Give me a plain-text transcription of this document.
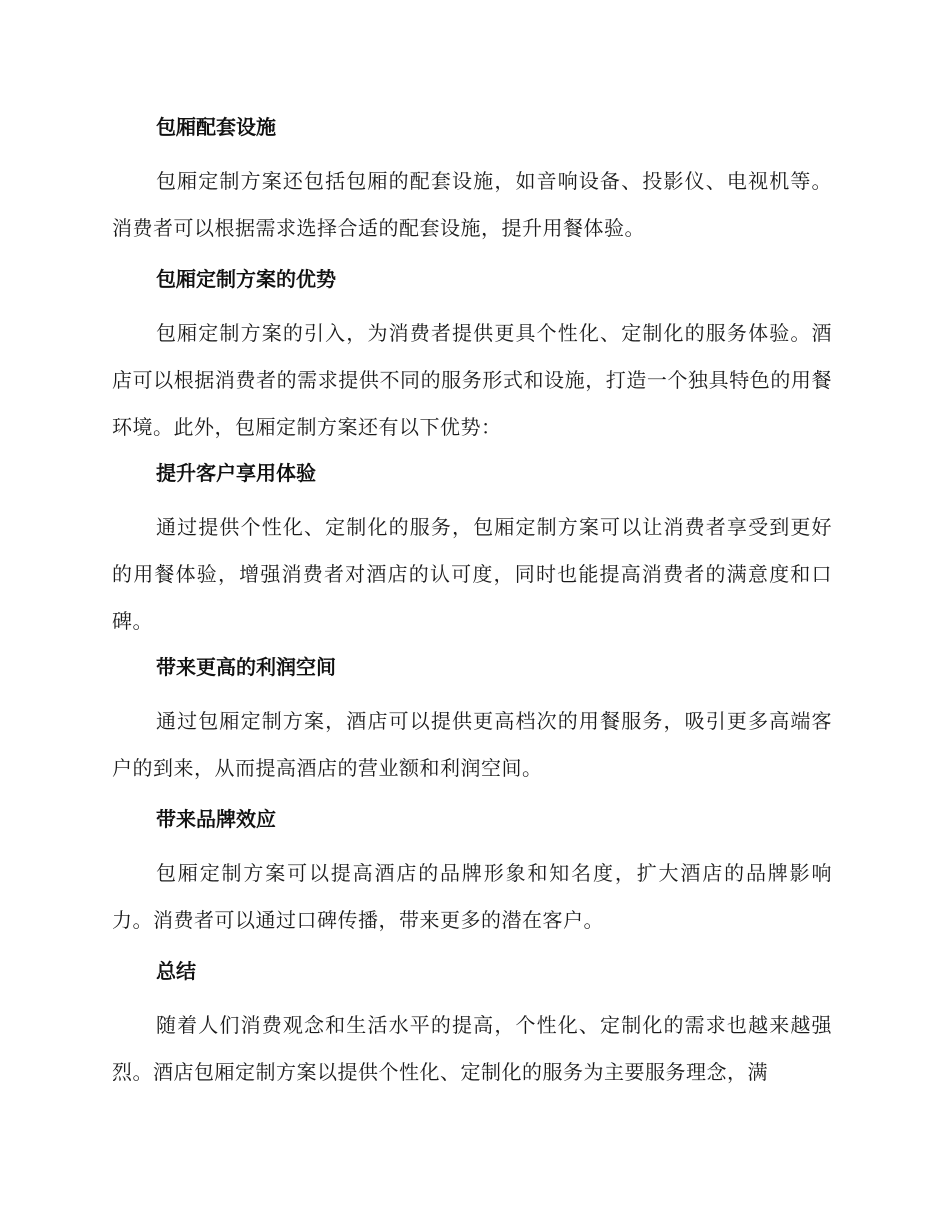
包厢配套设施

包厢定制方案还包括包厢的配套设施，如音响设备、投影仪、电视机等。消费者可以根据需求选择合适的配套设施，提升用餐体验。

包厢定制方案的优势

包厢定制方案的引入，为消费者提供更具个性化、定制化的服务体验。酒店可以根据消费者的需求提供不同的服务形式和设施，打造一个独具特色的用餐环境。此外，包厢定制方案还有以下优势：

提升客户享用体验

通过提供个性化、定制化的服务，包厢定制方案可以让消费者享受到更好的用餐体验，增强消费者对酒店的认可度，同时也能提高消费者的满意度和口碑。

带来更高的利润空间

通过包厢定制方案，酒店可以提供更高档次的用餐服务，吸引更多高端客户的到来，从而提高酒店的营业额和利润空间。

带来品牌效应

包厢定制方案可以提高酒店的品牌形象和知名度，扩大酒店的品牌影响力。消费者可以通过口碑传播，带来更多的潜在客户。

总结

随着人们消费观念和生活水平的提高，个性化、定制化的需求也越来越强烈。酒店包厢定制方案以提供个性化、定制化的服务为主要服务理念，满
